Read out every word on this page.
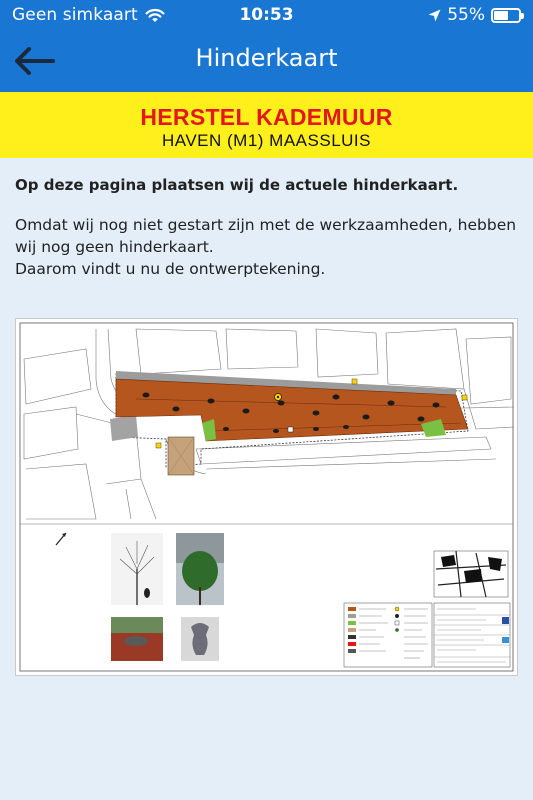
Geen simkaart	10:53	55%
Hinderkaart
HERSTEL KADEMUUR
HAVEN (M1) MAASSLUIS
Op deze pagina plaatsen wij de actuele hinderkaart.
Omdat wij nog niet gestart zijn met de werkzaamheden, hebben
wij nog geen hinderkaart.
Daarom vindt u nu de ontwerptekening.
